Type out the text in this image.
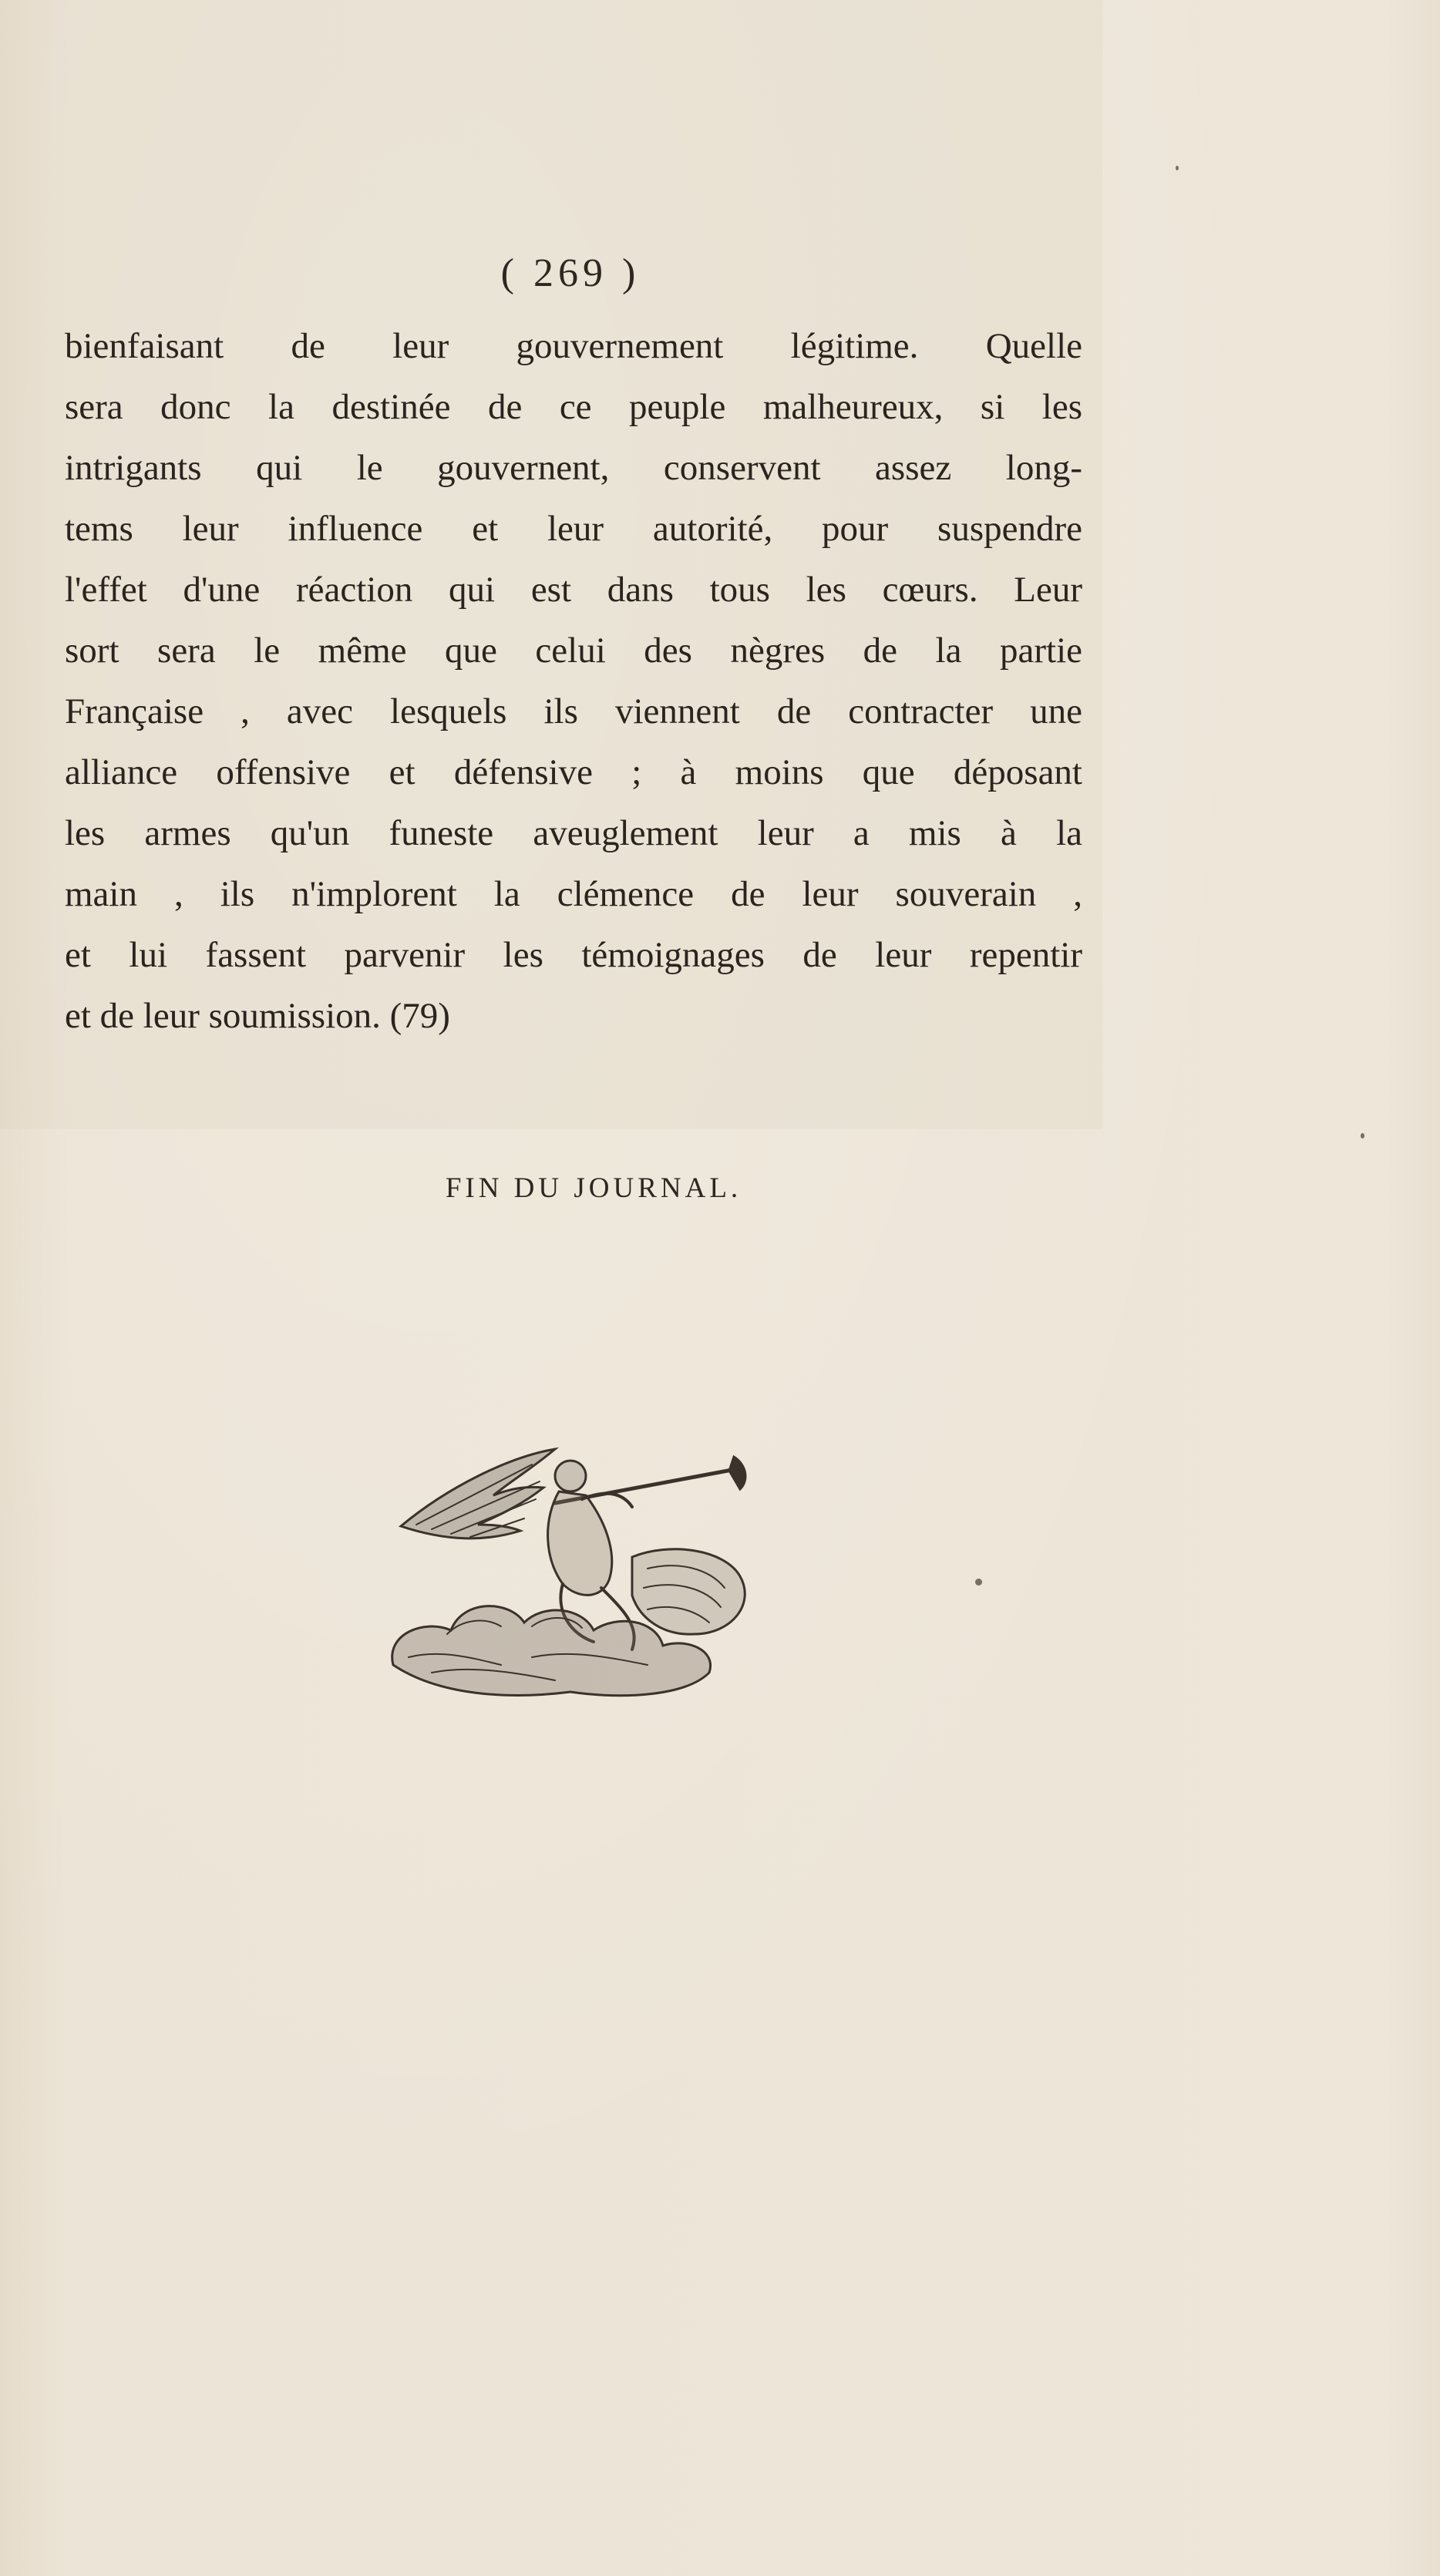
( 269 )
bienfaisant de leur gouvernement légitime. Quelle
sera donc la destinée de ce peuple malheureux, si les
intrigants qui le gouvernent, conservent assez long-
tems leur influence et leur autorité, pour suspendre
l'effet d'une réaction qui est dans tous les cœurs. Leur
sort sera le même que celui des nègres de la partie
Française , avec lesquels ils viennent de contracter une
alliance offensive et défensive ; à moins que déposant
les armes qu'un funeste aveuglement leur a mis à la
main , ils n'implorent la clémence de leur souverain ,
et lui fassent parvenir les témoignages de leur repentir
et de leur soumission. (79)
FIN DU JOURNAL.
